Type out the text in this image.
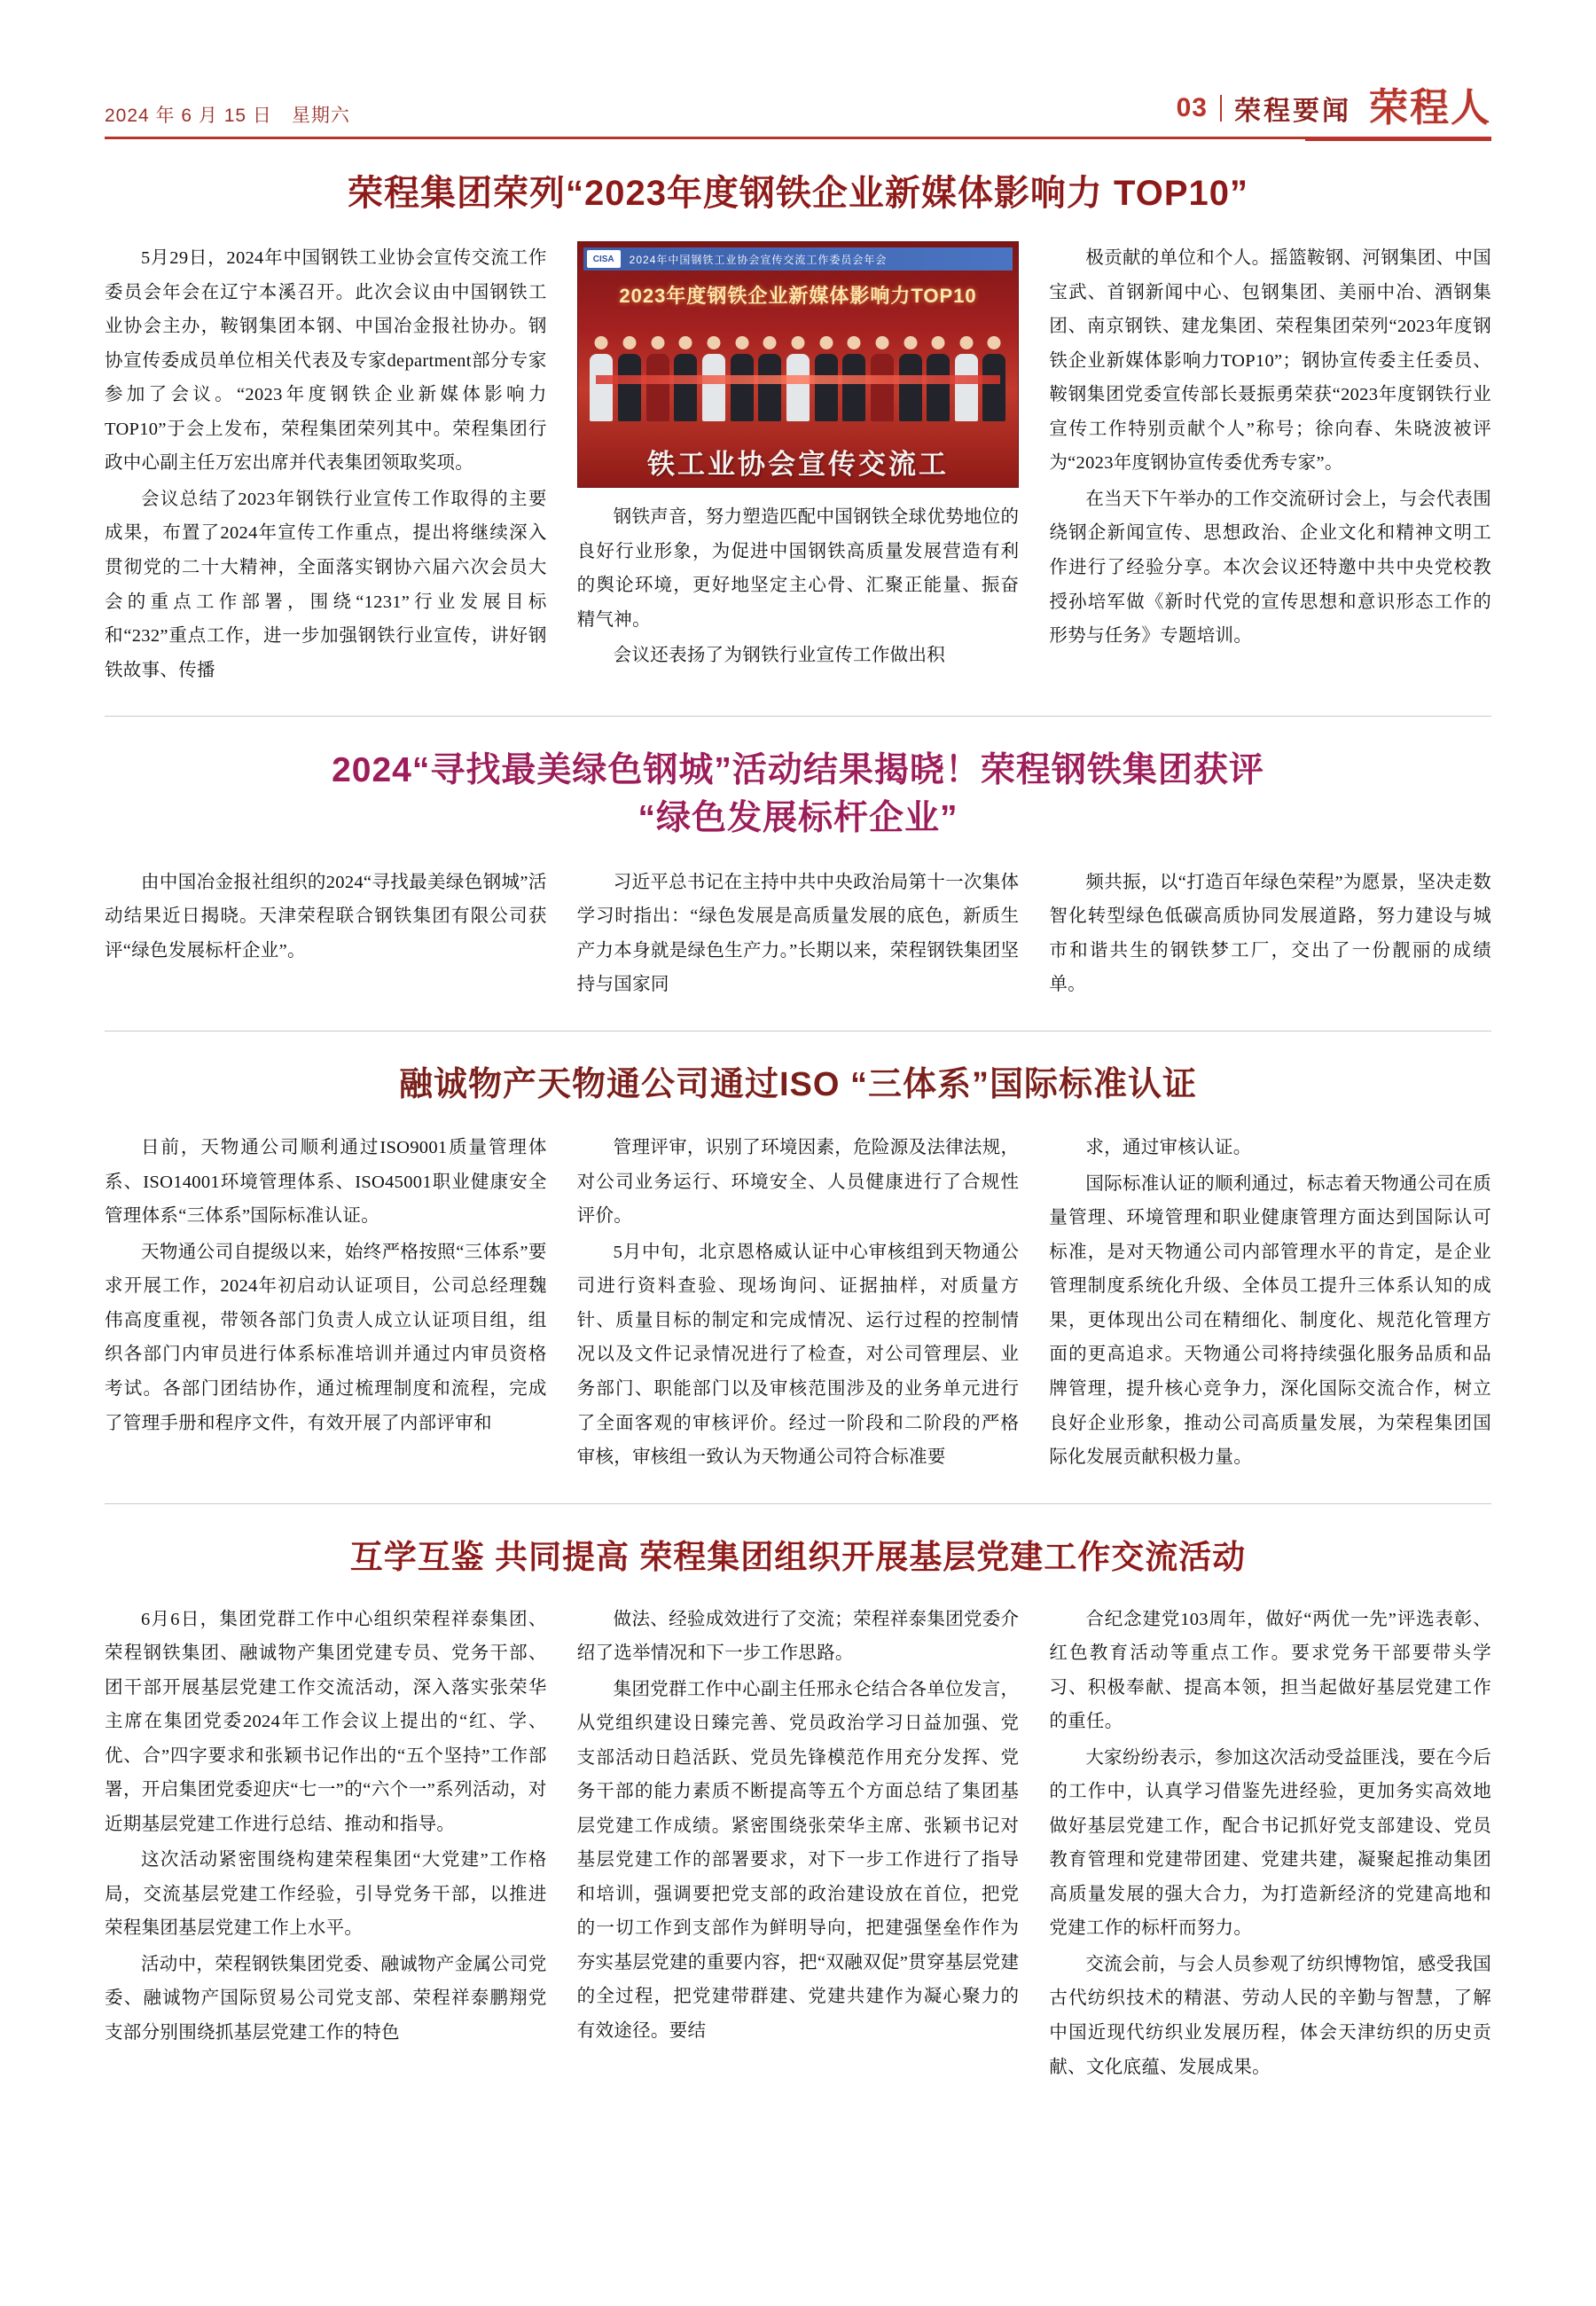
2024 年 6 月 15 日 星期六	03 荣程要闻 荣程人
荣程集团荣列“2023年度钢铁企业新媒体影响力 TOP10”

5月29日，2024年中国钢铁工业协会宣传交流工作委员会年会在辽宁本溪召开。此次会议由中国钢铁工业协会主办，鞍钢集团本钢、中国冶金报社协办。钢协宣传委成员单位相关代表及专家department部分专家参加了会议。“2023年度钢铁企业新媒体影响力 TOP10”于会上发布，荣程集团荣列其中。荣程集团行政中心副主任万宏出席并代表集团领取奖项。

会议总结了2023年钢铁行业宣传工作取得的主要成果，布置了2024年宣传工作重点，提出将继续深入贯彻党的二十大精神，全面落实钢协六届六次会员大会的重点工作部署，围绕“1231”行业发展目标和“232”重点工作，进一步加强钢铁行业宣传，讲好钢铁故事、传播

2024年中国钢铁工业协会宣传交流工作委员会年会
CISA
2023年度钢铁企业新媒体影响力TOP10
铁工业协会宣传交流工

钢铁声音，努力塑造匹配中国钢铁全球优势地位的良好行业形象，为促进中国钢铁高质量发展营造有利的舆论环境，更好地坚定主心骨、汇聚正能量、振奋精气神。

会议还表扬了为钢铁行业宣传工作做出积

极贡献的单位和个人。摇篮鞍钢、河钢集团、中国宝武、首钢新闻中心、包钢集团、美丽中冶、酒钢集团、南京钢铁、建龙集团、荣程集团荣列“2023年度钢铁企业新媒体影响力TOP10”；钢协宣传委主任委员、鞍钢集团党委宣传部长聂振勇荣获“2023年度钢铁行业宣传工作特别贡献个人”称号；徐向春、朱晓波被评为“2023年度钢协宣传委优秀专家”。

在当天下午举办的工作交流研讨会上，与会代表围绕钢企新闻宣传、思想政治、企业文化和精神文明工作进行了经验分享。本次会议还特邀中共中央党校教授孙培军做《新时代党的宣传思想和意识形态工作的形势与任务》专题培训。

2024“寻找最美绿色钢城”活动结果揭晓！荣程钢铁集团获评
“绿色发展标杆企业”

由中国冶金报社组织的2024“寻找最美绿色钢城”活动结果近日揭晓。天津荣程联合钢铁集团有限公司获评“绿色发展标杆企业”。

习近平总书记在主持中共中央政治局第十一次集体学习时指出：“绿色发展是高质量发展的底色，新质生产力本身就是绿色生产力。”长期以来，荣程钢铁集团坚持与国家同

频共振，以“打造百年绿色荣程”为愿景，坚决走数智化转型绿色低碳高质协同发展道路，努力建设与城市和谐共生的钢铁梦工厂，交出了一份靓丽的成绩单。

融诚物产天物通公司通过ISO “三体系”国际标准认证

日前，天物通公司顺利通过ISO9001质量管理体系、ISO14001环境管理体系、ISO45001职业健康安全管理体系“三体系”国际标准认证。

天物通公司自提级以来，始终严格按照“三体系”要求开展工作，2024年初启动认证项目，公司总经理魏伟高度重视，带领各部门负责人成立认证项目组，组织各部门内审员进行体系标准培训并通过内审员资格考试。各部门团结协作，通过梳理制度和流程，完成了管理手册和程序文件，有效开展了内部评审和

管理评审，识别了环境因素，危险源及法律法规，对公司业务运行、环境安全、人员健康进行了合规性评价。

5月中旬，北京恩格威认证中心审核组到天物通公司进行资料查验、现场询问、证据抽样，对质量方针、质量目标的制定和完成情况、运行过程的控制情况以及文件记录情况进行了检查，对公司管理层、业务部门、职能部门以及审核范围涉及的业务单元进行了全面客观的审核评价。经过一阶段和二阶段的严格审核，审核组一致认为天物通公司符合标准要

求，通过审核认证。

国际标准认证的顺利通过，标志着天物通公司在质量管理、环境管理和职业健康管理方面达到国际认可标准，是对天物通公司内部管理水平的肯定，是企业管理制度系统化升级、全体员工提升三体系认知的成果，更体现出公司在精细化、制度化、规范化管理方面的更高追求。天物通公司将持续强化服务品质和品牌管理，提升核心竞争力，深化国际交流合作，树立良好企业形象，推动公司高质量发展，为荣程集团国际化发展贡献积极力量。

互学互鉴 共同提高 荣程集团组织开展基层党建工作交流活动

6月6日，集团党群工作中心组织荣程祥泰集团、荣程钢铁集团、融诚物产集团党建专员、党务干部、团干部开展基层党建工作交流活动，深入落实张荣华主席在集团党委2024年工作会议上提出的“红、学、优、合”四字要求和张颖书记作出的“五个坚持”工作部署，开启集团党委迎庆“七一”的“六个一”系列活动，对近期基层党建工作进行总结、推动和指导。

这次活动紧密围绕构建荣程集团“大党建”工作格局，交流基层党建工作经验，引导党务干部，以推进荣程集团基层党建工作上水平。

活动中，荣程钢铁集团党委、融诚物产金属公司党委、融诚物产国际贸易公司党支部、荣程祥泰鹏翔党支部分别围绕抓基层党建工作的特色

做法、经验成效进行了交流；荣程祥泰集团党委介绍了选举情况和下一步工作思路。

集团党群工作中心副主任邢永仑结合各单位发言，从党组织建设日臻完善、党员政治学习日益加强、党支部活动日趋活跃、党员先锋模范作用充分发挥、党务干部的能力素质不断提高等五个方面总结了集团基层党建工作成绩。紧密围绕张荣华主席、张颖书记对基层党建工作的部署要求，对下一步工作进行了指导和培训，强调要把党支部的政治建设放在首位，把党的一切工作到支部作为鲜明导向，把建强堡垒作作为夯实基层党建的重要内容，把“双融双促”贯穿基层党建的全过程，把党建带群建、党建共建作为凝心聚力的有效途径。要结

合纪念建党103周年，做好“两优一先”评选表彰、红色教育活动等重点工作。要求党务干部要带头学习、积极奉献、提高本领，担当起做好基层党建工作的重任。

大家纷纷表示，参加这次活动受益匪浅，要在今后的工作中，认真学习借鉴先进经验，更加务实高效地做好基层党建工作，配合书记抓好党支部建设、党员教育管理和党建带团建、党建共建，凝聚起推动集团高质量发展的强大合力，为打造新经济的党建高地和党建工作的标杆而努力。

交流会前，与会人员参观了纺织博物馆，感受我国古代纺织技术的精湛、劳动人民的辛勤与智慧，了解中国近现代纺织业发展历程，体会天津纺织的历史贡献、文化底蕴、发展成果。
